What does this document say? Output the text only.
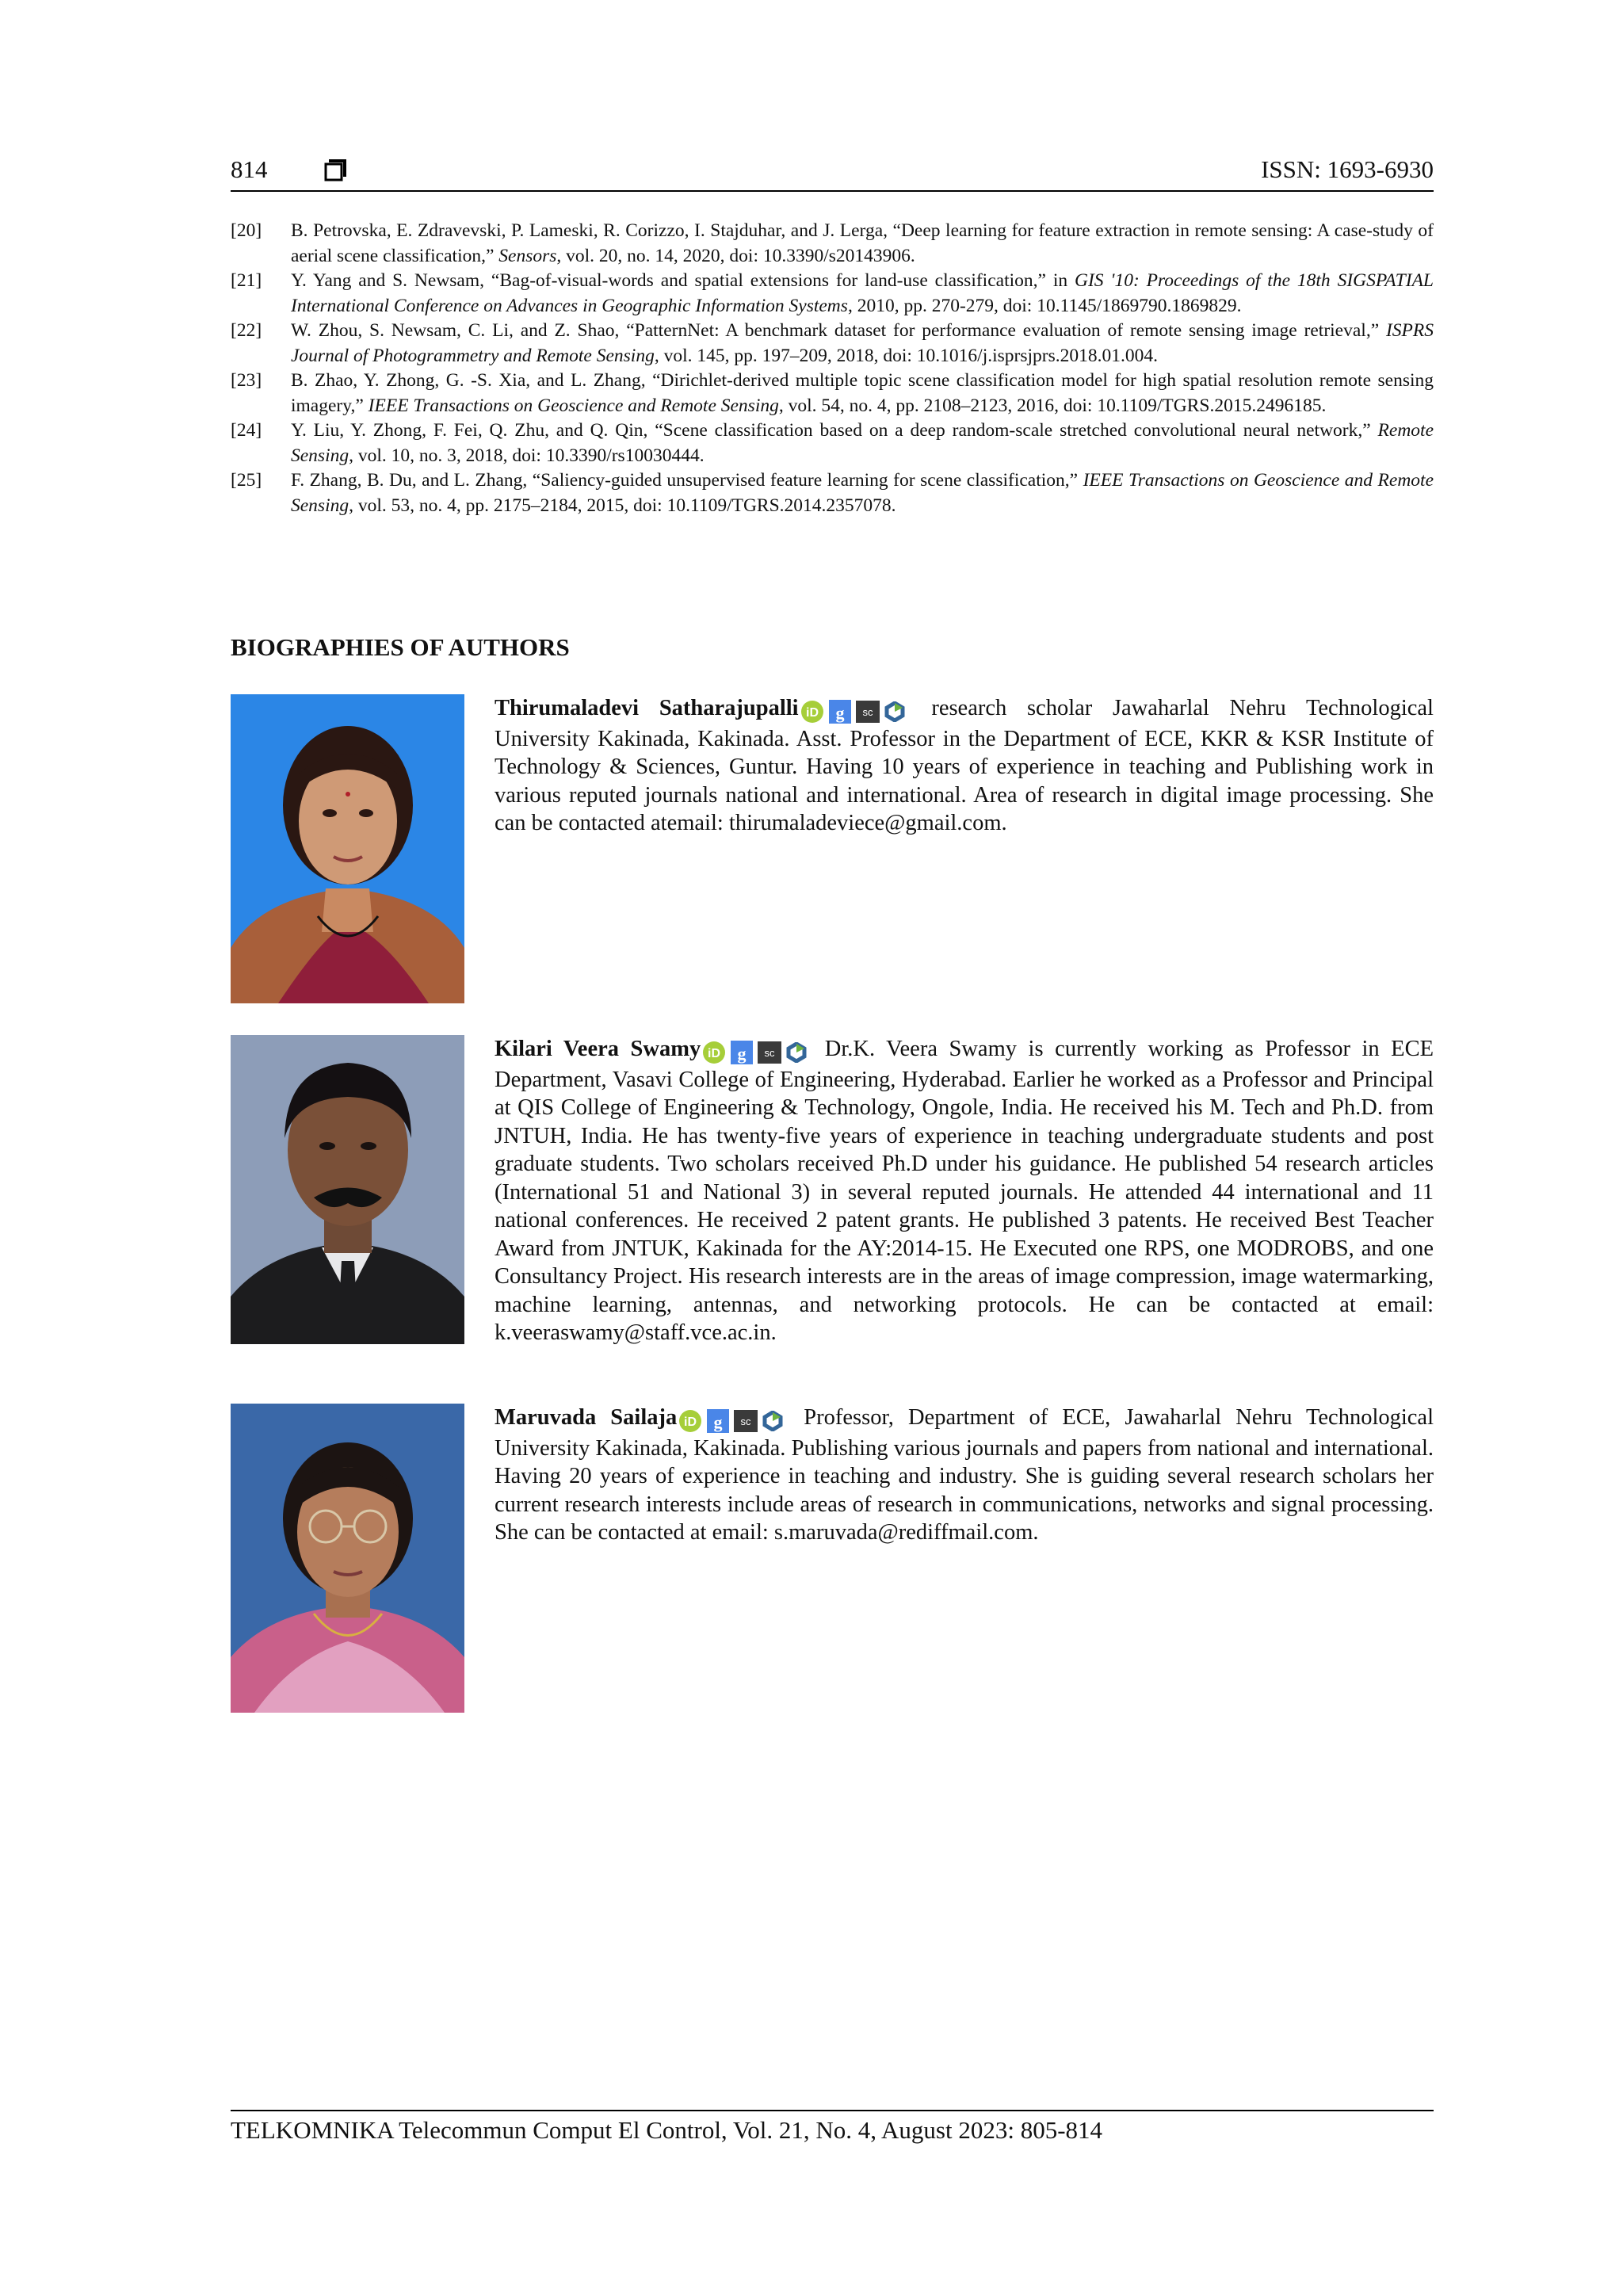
814	ISSN: 1693-6930
[20]	B. Petrovska, E. Zdravevski, P. Lameski, R. Corizzo, I. Stajduhar, and J. Lerga, “Deep learning for feature extraction in remote sensing: A case-study of aerial scene classification,” Sensors, vol. 20, no. 14, 2020, doi: 10.3390/s20143906.
[21]	Y. Yang and S. Newsam, “Bag-of-visual-words and spatial extensions for land-use classification,” in GIS '10: Proceedings of the 18th SIGSPATIAL International Conference on Advances in Geographic Information Systems, 2010, pp. 270-279, doi: 10.1145/1869790.1869829.
[22]	W. Zhou, S. Newsam, C. Li, and Z. Shao, “PatternNet: A benchmark dataset for performance evaluation of remote sensing image retrieval,” ISPRS Journal of Photogrammetry and Remote Sensing, vol. 145, pp. 197–209, 2018, doi: 10.1016/j.isprsjprs.2018.01.004.
[23]	B. Zhao, Y. Zhong, G. -S. Xia, and L. Zhang, “Dirichlet-derived multiple topic scene classification model for high spatial resolution remote sensing imagery,” IEEE Transactions on Geoscience and Remote Sensing, vol. 54, no. 4, pp. 2108–2123, 2016, doi: 10.1109/TGRS.2015.2496185.
[24]	Y. Liu, Y. Zhong, F. Fei, Q. Zhu, and Q. Qin, “Scene classification based on a deep random-scale stretched convolutional neural network,” Remote Sensing, vol. 10, no. 3, 2018, doi: 10.3390/rs10030444.
[25]	F. Zhang, B. Du, and L. Zhang, “Saliency-guided unsupervised feature learning for scene classification,” IEEE Transactions on Geoscience and Remote Sensing, vol. 53, no. 4, pp. 2175–2184, 2015, doi: 10.1109/TGRS.2014.2357078.
BIOGRAPHIES OF AUTHORS
Thirumaladevi Satharajupalli iD g sc research scholar Jawaharlal Nehru Technological University Kakinada, Kakinada. Asst. Professor in the Department of ECE, KKR & KSR Institute of Technology & Sciences, Guntur. Having 10 years of experience in teaching and Publishing work in various reputed journals national and international. Area of research in digital image processing. She can be contacted atemail: thirumaladeviece@gmail.com.
Kilari Veera Swamy iD g sc Dr.K. Veera Swamy is currently working as Professor in ECE Department, Vasavi College of Engineering, Hyderabad. Earlier he worked as a Professor and Principal at QIS College of Engineering & Technology, Ongole, India. He received his M. Tech and Ph.D. from JNTUH, India. He has twenty-five years of experience in teaching undergraduate students and post graduate students. Two scholars received Ph.D under his guidance. He published 54 research articles (International 51 and National 3) in several reputed journals. He attended 44 international and 11 national conferences. He received 2 patent grants. He published 3 patents. He received Best Teacher Award from JNTUK, Kakinada for the AY:2014-15. He Executed one RPS, one MODROBS, and one Consultancy Project. His research interests are in the areas of image compression, image watermarking, machine learning, antennas, and networking protocols. He can be contacted at email: k.veeraswamy@staff.vce.ac.in.
Maruvada Sailaja iD g sc Professor, Department of ECE, Jawaharlal Nehru Technological University Kakinada, Kakinada. Publishing various journals and papers from national and international. Having 20 years of experience in teaching and industry. She is guiding several research scholars her current research interests include areas of research in communications, networks and signal processing. She can be contacted at email: s.maruvada@rediffmail.com.
TELKOMNIKA Telecommun Comput El Control, Vol. 21, No. 4, August 2023: 805-814
